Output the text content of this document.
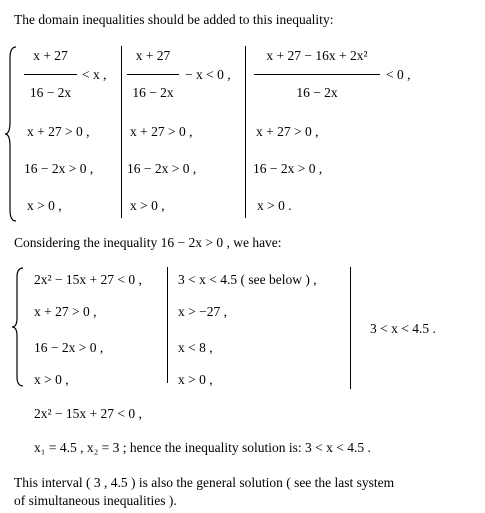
The domain inequalities should be added to this inequality:
x + 27
16 − 2x
< x ,
x + 27 > 0 ,
16 − 2x > 0 ,
x > 0 ,
x + 27
16 − 2x
− x < 0 ,
x + 27 > 0 ,
16 − 2x > 0 ,
x > 0 ,
x + 27 − 16x + 2x²
16 − 2x
< 0 ,
x + 27 > 0 ,
16 − 2x > 0 ,
x > 0 .
Considering the inequality 16 − 2x > 0 , we have:
2x² − 15x + 27 < 0 ,
x + 27 > 0 ,
16 − 2x > 0 ,
x > 0 ,
3 < x < 4.5 ( see below ) ,
x > −27 ,
x < 8 ,
x > 0 ,
3 < x < 4.5 .
2x² − 15x + 27 < 0 ,
x₁ = 4.5 , x₂ = 3 ; hence the inequality solution is: 3 < x < 4.5 .
This interval ( 3 , 4.5 ) is also the general solution ( see the last system
of simultaneous inequalities ).
